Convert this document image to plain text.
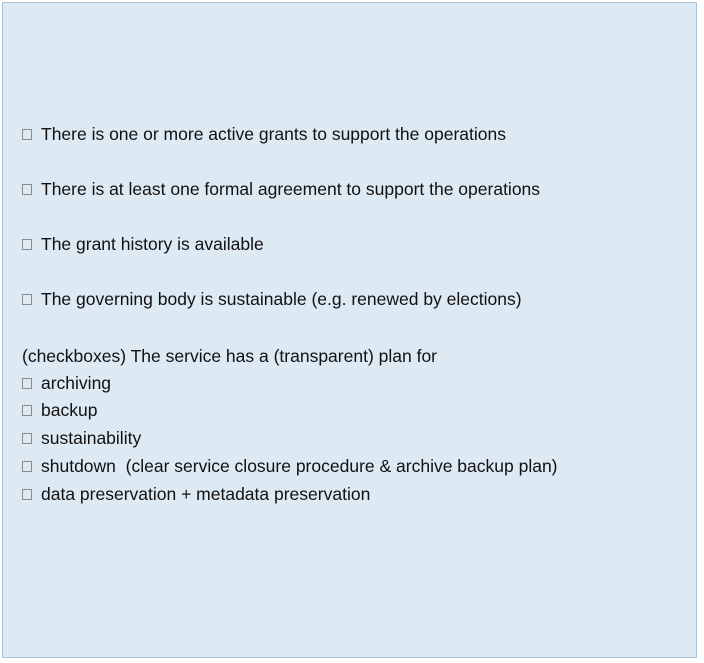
There is one or more active grants to support the operations
There is at least one formal agreement to support the operations
The grant history is available
The governing body is sustainable (e.g. renewed by elections)
(checkboxes) The service has a (transparent) plan for
archiving
backup
sustainability
shutdown  (clear service closure procedure & archive backup plan)
data preservation + metadata preservation
